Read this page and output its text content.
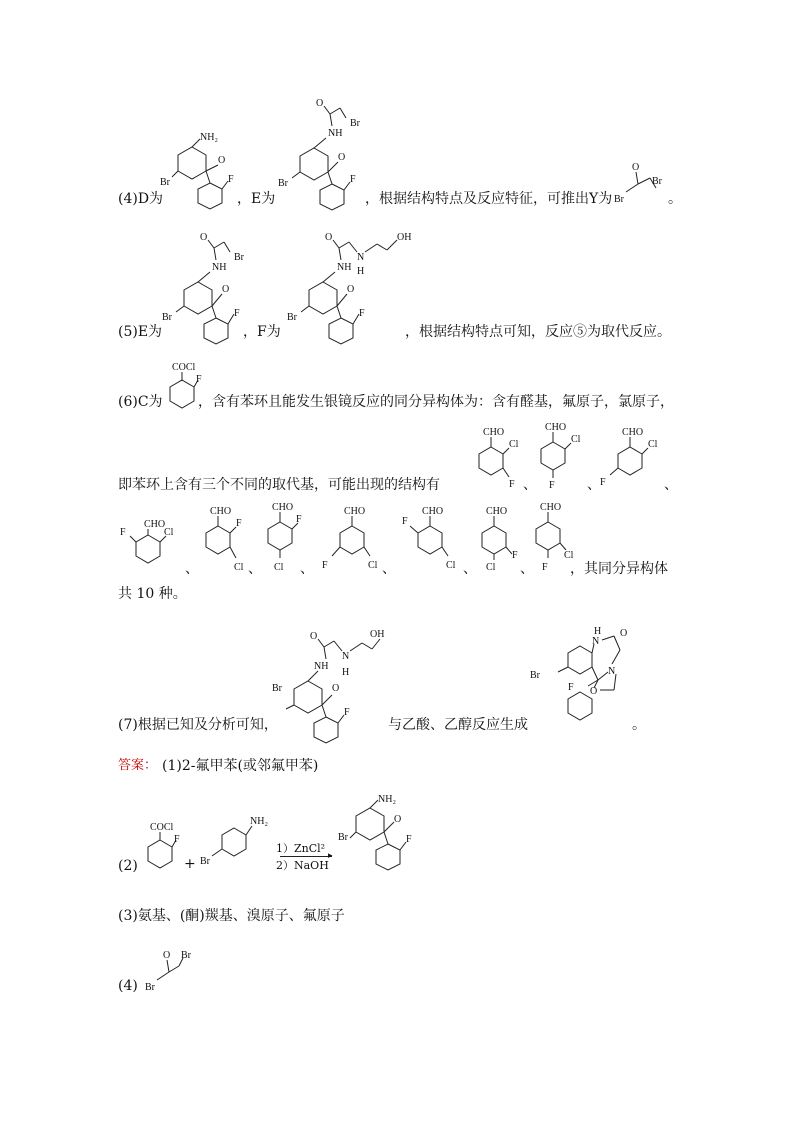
(4)D为	，E为	，根据结构特点及反应特征，可推出Y为	。
NH₂
Br
O
F
O
Br
NH
Br
O
F
O
Br
Br
(5)E为	，F为	，根据结构特点可知，反应⑤为取代反应。
O
Br
NH
Br
O
F
O
N
H
OH
NH
Br
O
F
(6)C为	，含有苯环且能发生银镜反应的同分异构体为：含有醛基，氟原子，氯原子，
COCl
F
即苯环上含有三个不同的取代基，可能出现的结构有
CHO
Cl
F 、
CHO
Cl
F 、
CHO
Cl
F	、
CHO
F	Cl
、
CHO
F
Cl 、
CHO
F
Cl 、
CHO
F	Cl 、
CHO
F
Cl 、
CHO
F
Cl 、
CHO
Cl
F ，其同分异构体
共 10 种。
(7)根据已知及分析可知，	与乙酸、乙醇反应生成	。
O
N
H
OH
NH
Br	O
F
H
N
O
N
Br
O
F
答案： (1)2-氟甲苯(或邻氟甲苯)
(2)
COCl
F
+
NH₂
Br
1）ZnCl²
▸
2）NaOH
NH₂
Br
O
F
(3)氨基、(酮)羰基、溴原子、氟原子
(4)
O
Br
Br
